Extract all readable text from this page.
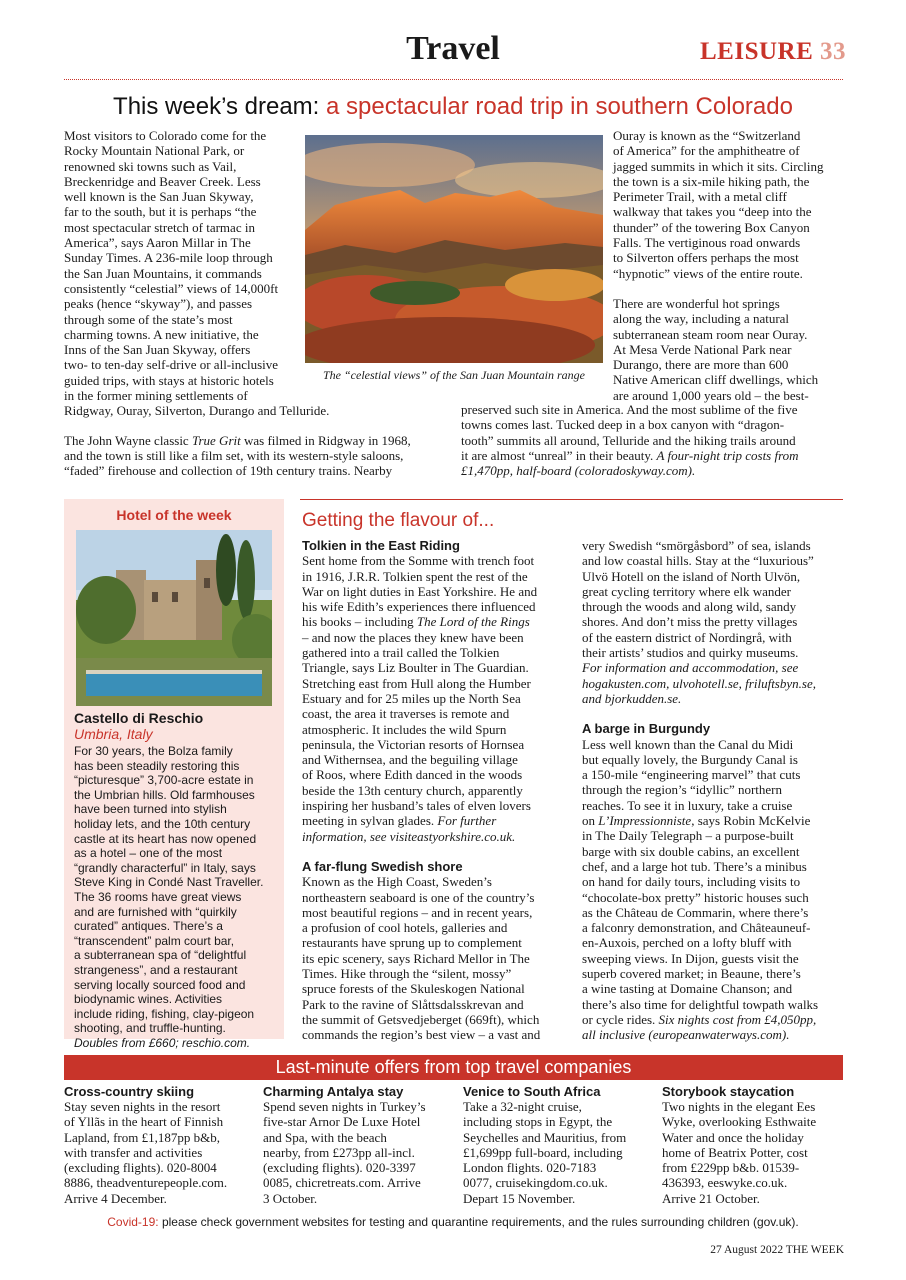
Travel	LEISURE 33
This week’s dream: a spectacular road trip in southern Colorado
The “celestial views” of the San Juan Mountain range

Most visitors to Colorado come for the

Rocky Mountain National Park, or

renowned ski towns such as Vail,

Breckenridge and Beaver Creek. Less

well known is the San Juan Skyway,

far to the south, but it is perhaps “the

most spectacular stretch of tarmac in

America”, says Aaron Millar in The

Sunday Times. A 236-mile loop through

the San Juan Mountains, it commands

consistently “celestial” views of 14,000ft

peaks (hence “skyway”), and passes

through some of the state’s most

charming towns. A new initiative, the

Inns of the San Juan Skyway, offers

two- to ten-day self-drive or all-inclusive

guided trips, with stays at historic hotels

in the former mining settlements of

Ridgway, Ouray, Silverton, Durango and Telluride.

Ouray is known as the “Switzerland

of America” for the amphitheatre of

jagged summits in which it sits. Circling

the town is a six-mile hiking path, the

Perimeter Trail, with a metal cliff

walkway that takes you “deep into the

thunder” of the towering Box Canyon

Falls. The vertiginous road onwards

to Silverton offers perhaps the most

“hypnotic” views of the entire route.

There are wonderful hot springs

along the way, including a natural

subterranean steam room near Ouray.

At Mesa Verde National Park near

Durango, there are more than 600

Native American cliff dwellings, which

are around 1,000 years old – the best-

preserved such site in America. And the most sublime of the five

towns comes last. Tucked deep in a box canyon with “dragon-

The John Wayne classic True Grit was filmed in Ridgway in 1968,	tooth” summits all around, Telluride and the hiking trails around

and the town is still like a film set, with its western-style saloons,	it are almost “unreal” in their beauty. A four-night trip costs from

“faded” firehouse and collection of 19th century trains. Nearby	£1,470pp, half-board (coloradoskyway.com).

Hotel of the week
Castello di Reschio
Umbria, Italy
For 30 years, the Bolza family
has been steadily restoring this
“picturesque” 3,700-acre estate in
the Umbrian hills. Old farmhouses
have been turned into stylish
holiday lets, and the 10th century
castle at its heart has now opened
as a hotel – one of the most
“grandly characterful” in Italy, says
Steve King in Condé Nast Traveller.
The 36 rooms have great views
and are furnished with “quirkily
curated” antiques. There’s a
“transcendent” palm court bar,
a subterranean spa of “delightful
strangeness”, and a restaurant
serving locally sourced food and
biodynamic wines. Activities
include riding, fishing, clay-pigeon
shooting, and truffle-hunting.
Doubles from £660; reschio.com.
Getting the flavour of...

Tolkien in the East Riding

Sent home from the Somme with trench foot

in 1916, J.R.R. Tolkien spent the rest of the

War on light duties in East Yorkshire. He and

his wife Edith’s experiences there influenced

his books – including The Lord of the Rings

– and now the places they knew have been

gathered into a trail called the Tolkien

Triangle, says Liz Boulter in The Guardian.

Stretching east from Hull along the Humber

Estuary and for 25 miles up the North Sea

coast, the area it traverses is remote and

atmospheric. It includes the wild Spurn

peninsula, the Victorian resorts of Hornsea

and Withernsea, and the beguiling village

of Roos, where Edith danced in the woods

beside the 13th century church, apparently

inspiring her husband’s tales of elven lovers

meeting in sylvan glades. For further

information, see visiteastyorkshire.co.uk.

A far-flung Swedish shore

Known as the High Coast, Sweden’s

northeastern seaboard is one of the country’s

most beautiful regions – and in recent years,

a profusion of cool hotels, galleries and

restaurants have sprung up to complement

its epic scenery, says Richard Mellor in The

Times. Hike through the “silent, mossy”

spruce forests of the Skuleskogen National

Park to the ravine of Slåttsdalsskrevan and

the summit of Getsvedjeberget (669ft), which

commands the region’s best view – a vast and

very Swedish “smörgåsbord” of sea, islands

and low coastal hills. Stay at the “luxurious”

Ulvö Hotell on the island of North Ulvön,

great cycling territory where elk wander

through the woods and along wild, sandy

shores. And don’t miss the pretty villages

of the eastern district of Nordingrå, with

their artists’ studios and quirky museums.

For information and accommodation, see

hogakusten.com, ulvohotell.se, friluftsbyn.se,

and bjorkudden.se.

A barge in Burgundy

Less well known than the Canal du Midi

but equally lovely, the Burgundy Canal is

a 150-mile “engineering marvel” that cuts

through the region’s “idyllic” northern

reaches. To see it in luxury, take a cruise

on L’Impressionniste, says Robin McKelvie

in The Daily Telegraph – a purpose-built

barge with six double cabins, an excellent

chef, and a large hot tub. There’s a minibus

on hand for daily tours, including visits to

“chocolate-box pretty” historic houses such

as the Château de Commarin, where there’s

a falconry demonstration, and Châteauneuf-

en-Auxois, perched on a lofty bluff with

sweeping views. In Dijon, guests visit the

superb covered market; in Beaune, there’s

a wine tasting at Domaine Chanson; and

there’s also time for delightful towpath walks

or cycle rides. Six nights cost from £4,050pp,

all inclusive (europeanwaterways.com).

Last-minute offers from top travel companies
Cross-country skiing
Stay seven nights in the resort
of Yllãs in the heart of Finnish
Lapland, from £1,187pp b&b,
with transfer and activities
(excluding flights). 020-8004
8886, theadventurepeople.com.
Arrive 4 December.
Charming Antalya stay
Spend seven nights in Turkey’s
five-star Arnor De Luxe Hotel
and Spa, with the beach
nearby, from £273pp all-incl.
(excluding flights). 020-3397
0085, chicretreats.com. Arrive
3 October.
Venice to South Africa
Take a 32-night cruise,
including stops in Egypt, the
Seychelles and Mauritius, from
£1,699pp full-board, including
London flights. 020-7183
0077, cruisekingdom.co.uk.
Depart 15 November.
Storybook staycation
Two nights in the elegant Ees
Wyke, overlooking Esthwaite
Water and once the holiday
home of Beatrix Potter, cost
from £229pp b&b. 01539-
436393, eeswyke.co.uk.
Arrive 21 October.
Covid-19: please check government websites for testing and quarantine requirements, and the rules surrounding children (gov.uk).
27 August 2022 THE WEEK
